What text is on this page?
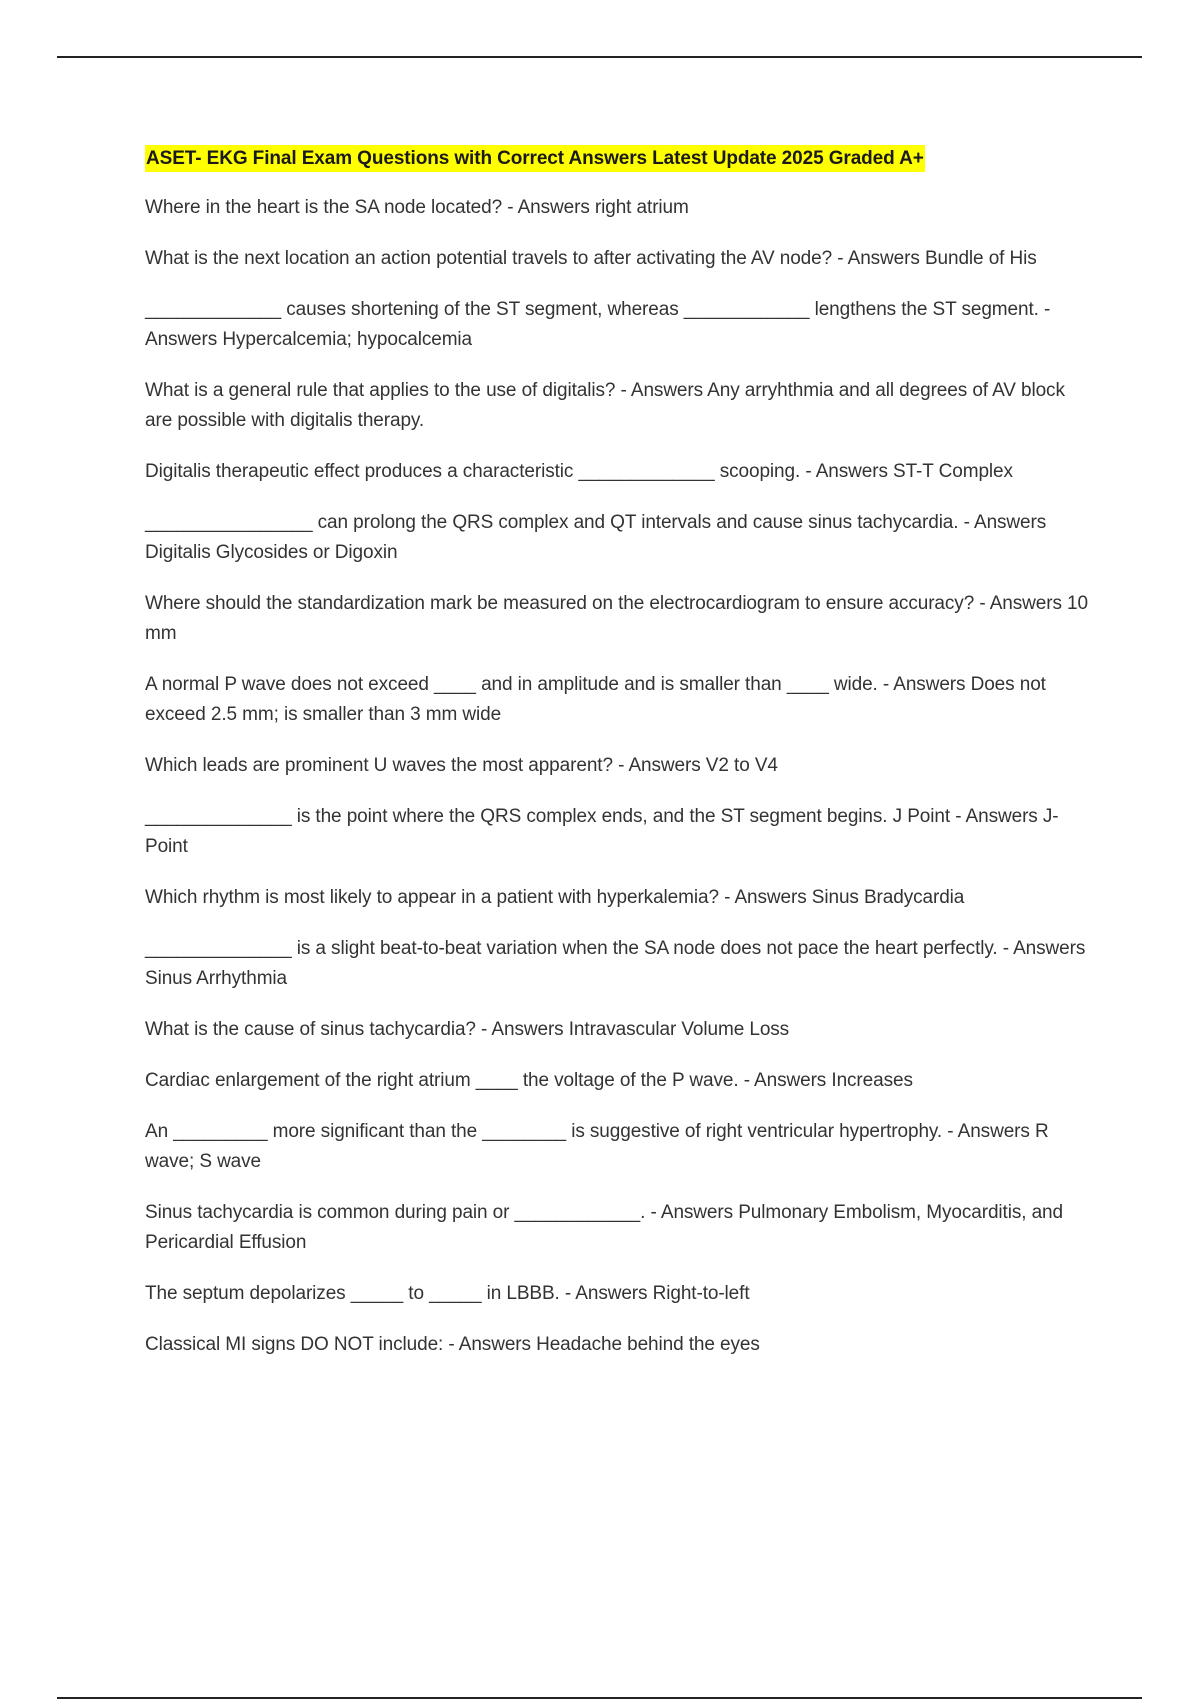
ASET- EKG Final Exam Questions with Correct Answers Latest Update 2025 Graded A+

Where in the heart is the SA node located? - Answers right atrium

What is the next location an action potential travels to after activating the AV node? - Answers Bundle of His

_____________ causes shortening of the ST segment, whereas ____________ lengthens the ST segment. - Answers Hypercalcemia; hypocalcemia

What is a general rule that applies to the use of digitalis? - Answers Any arryhthmia and all degrees of AV block are possible with digitalis therapy.

Digitalis therapeutic effect produces a characteristic _____________ scooping. - Answers ST-T Complex

________________ can prolong the QRS complex and QT intervals and cause sinus tachycardia. - Answers Digitalis Glycosides or Digoxin

Where should the standardization mark be measured on the electrocardiogram to ensure accuracy? - Answers 10 mm

A normal P wave does not exceed ____ and in amplitude and is smaller than ____ wide. - Answers Does not exceed 2.5 mm; is smaller than 3 mm wide

Which leads are prominent U waves the most apparent? - Answers V2 to V4

______________ is the point where the QRS complex ends, and the ST segment begins. J Point - Answers J-Point

Which rhythm is most likely to appear in a patient with hyperkalemia? - Answers Sinus Bradycardia

______________ is a slight beat-to-beat variation when the SA node does not pace the heart perfectly. - Answers Sinus Arrhythmia

What is the cause of sinus tachycardia? - Answers Intravascular Volume Loss

Cardiac enlargement of the right atrium ____ the voltage of the P wave. - Answers Increases

An _________ more significant than the ________ is suggestive of right ventricular hypertrophy. - Answers R wave; S wave

Sinus tachycardia is common during pain or ____________. - Answers Pulmonary Embolism, Myocarditis, and Pericardial Effusion

The septum depolarizes _____ to _____ in LBBB. - Answers Right-to-left

Classical MI signs DO NOT include: - Answers Headache behind the eyes
